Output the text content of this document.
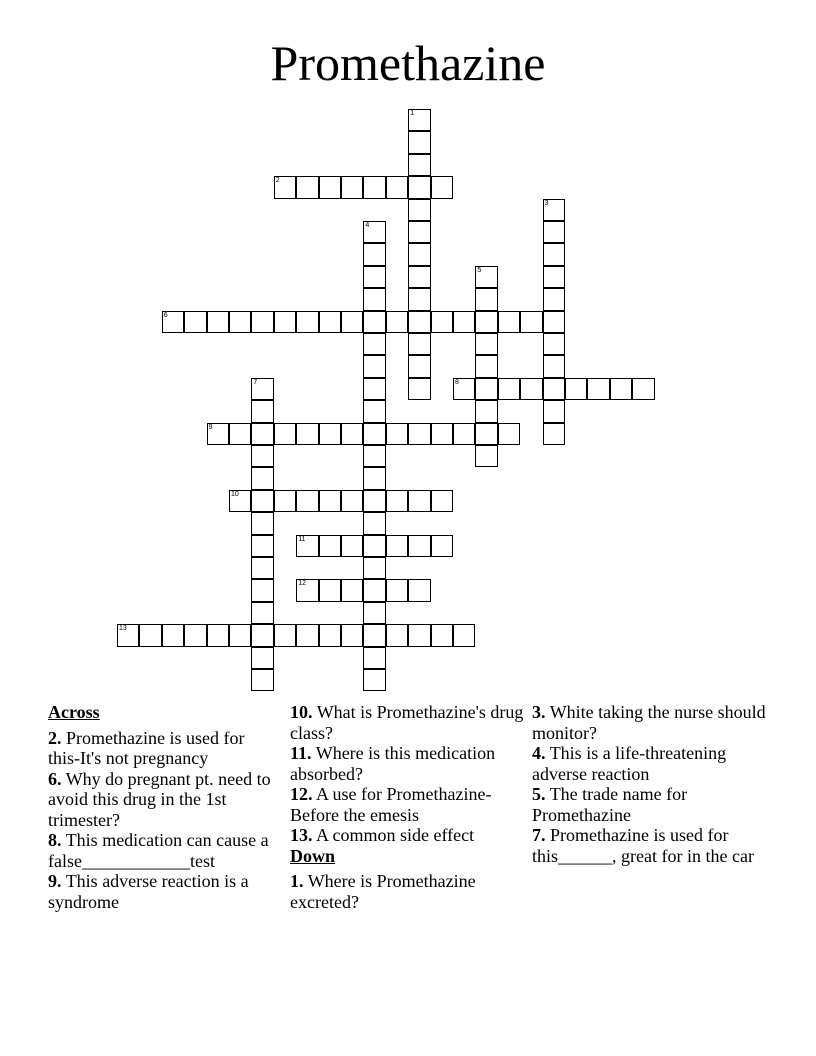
Promethazine
1
2
3
4
5
6
7	8
9
10
11
12
13
Across
2. Promethazine is used for this-It's not pregnancy
6. Why do pregnant pt. need to avoid this drug in the 1st trimester?
8. This medication can cause a false____________test
9. This adverse reaction is a syndrome
10. What is Promethazine's drug class?
11. Where is this medication absorbed?
12. A use for Promethazine-Before the emesis
13. A common side effect
Down
1. Where is Promethazine excreted?
3. White taking the nurse should monitor?
4. This is a life-threatening adverse reaction
5. The trade name for Promethazine
7. Promethazine is used for this______, great for in the car
